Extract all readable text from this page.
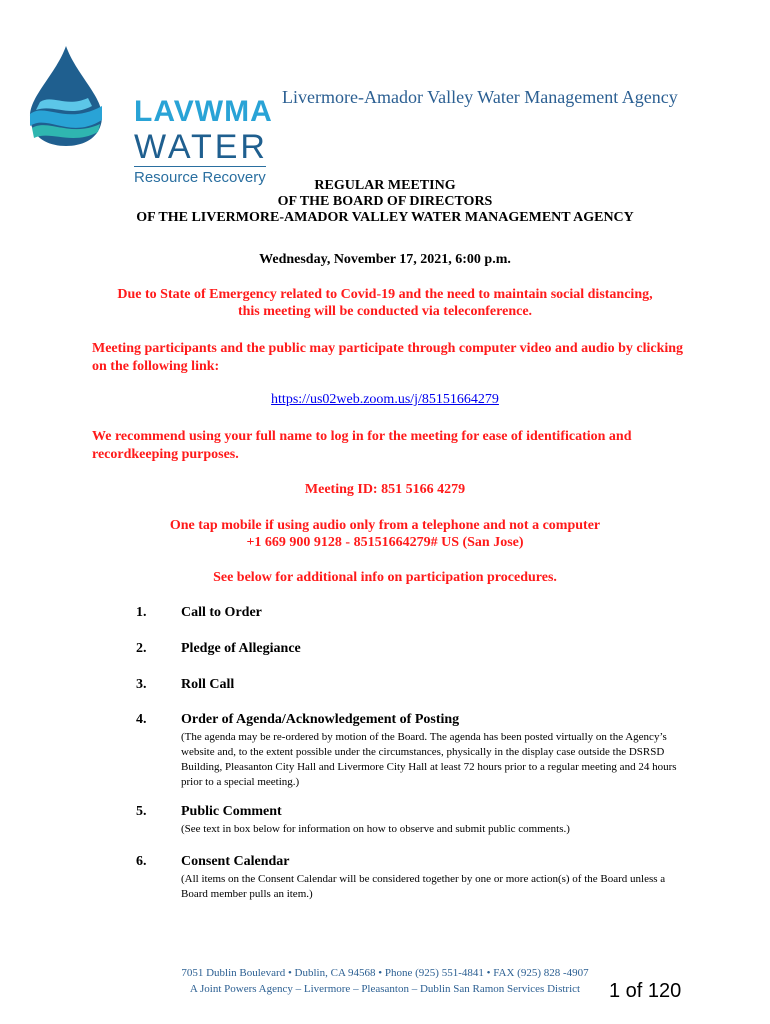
LAVWMA
WATER
Resource Recovery
Livermore-Amador Valley Water Management Agency
REGULAR MEETING
OF THE BOARD OF DIRECTORS
OF THE LIVERMORE-AMADOR VALLEY WATER MANAGEMENT AGENCY
Wednesday, November 17, 2021, 6:00 p.m.
Due to State of Emergency related to Covid-19 and the need to maintain social distancing,
this meeting will be conducted via teleconference.
Meeting participants and the public may participate through computer video and audio by clicking on the following link:
https://us02web.zoom.us/j/85151664279
We recommend using your full name to log in for the meeting for ease of identification and recordkeeping purposes.
Meeting ID: 851 5166 4279
One tap mobile if using audio only from a telephone and not a computer
+1 669 900 9128 - 85151664279# US (San Jose)
See below for additional info on participation procedures.
1. Call to Order
2. Pledge of Allegiance
3. Roll Call
4. Order of Agenda/Acknowledgement of Posting
(The agenda may be re-ordered by motion of the Board. The agenda has been posted virtually on the Agency’s website and, to the extent possible under the circumstances, physically in the display case outside the DSRSD Building, Pleasanton City Hall and Livermore City Hall at least 72 hours prior to a regular meeting and 24 hours prior to a special meeting.)
5. Public Comment
(See text in box below for information on how to observe and submit public comments.)
6. Consent Calendar
(All items on the Consent Calendar will be considered together by one or more action(s) of the Board unless a Board member pulls an item.)
7051 Dublin Boulevard • Dublin, CA 94568 • Phone (925) 551-4841 • FAX (925) 828 -4907
A Joint Powers Agency – Livermore – Pleasanton – Dublin San Ramon Services District	1 of 120
